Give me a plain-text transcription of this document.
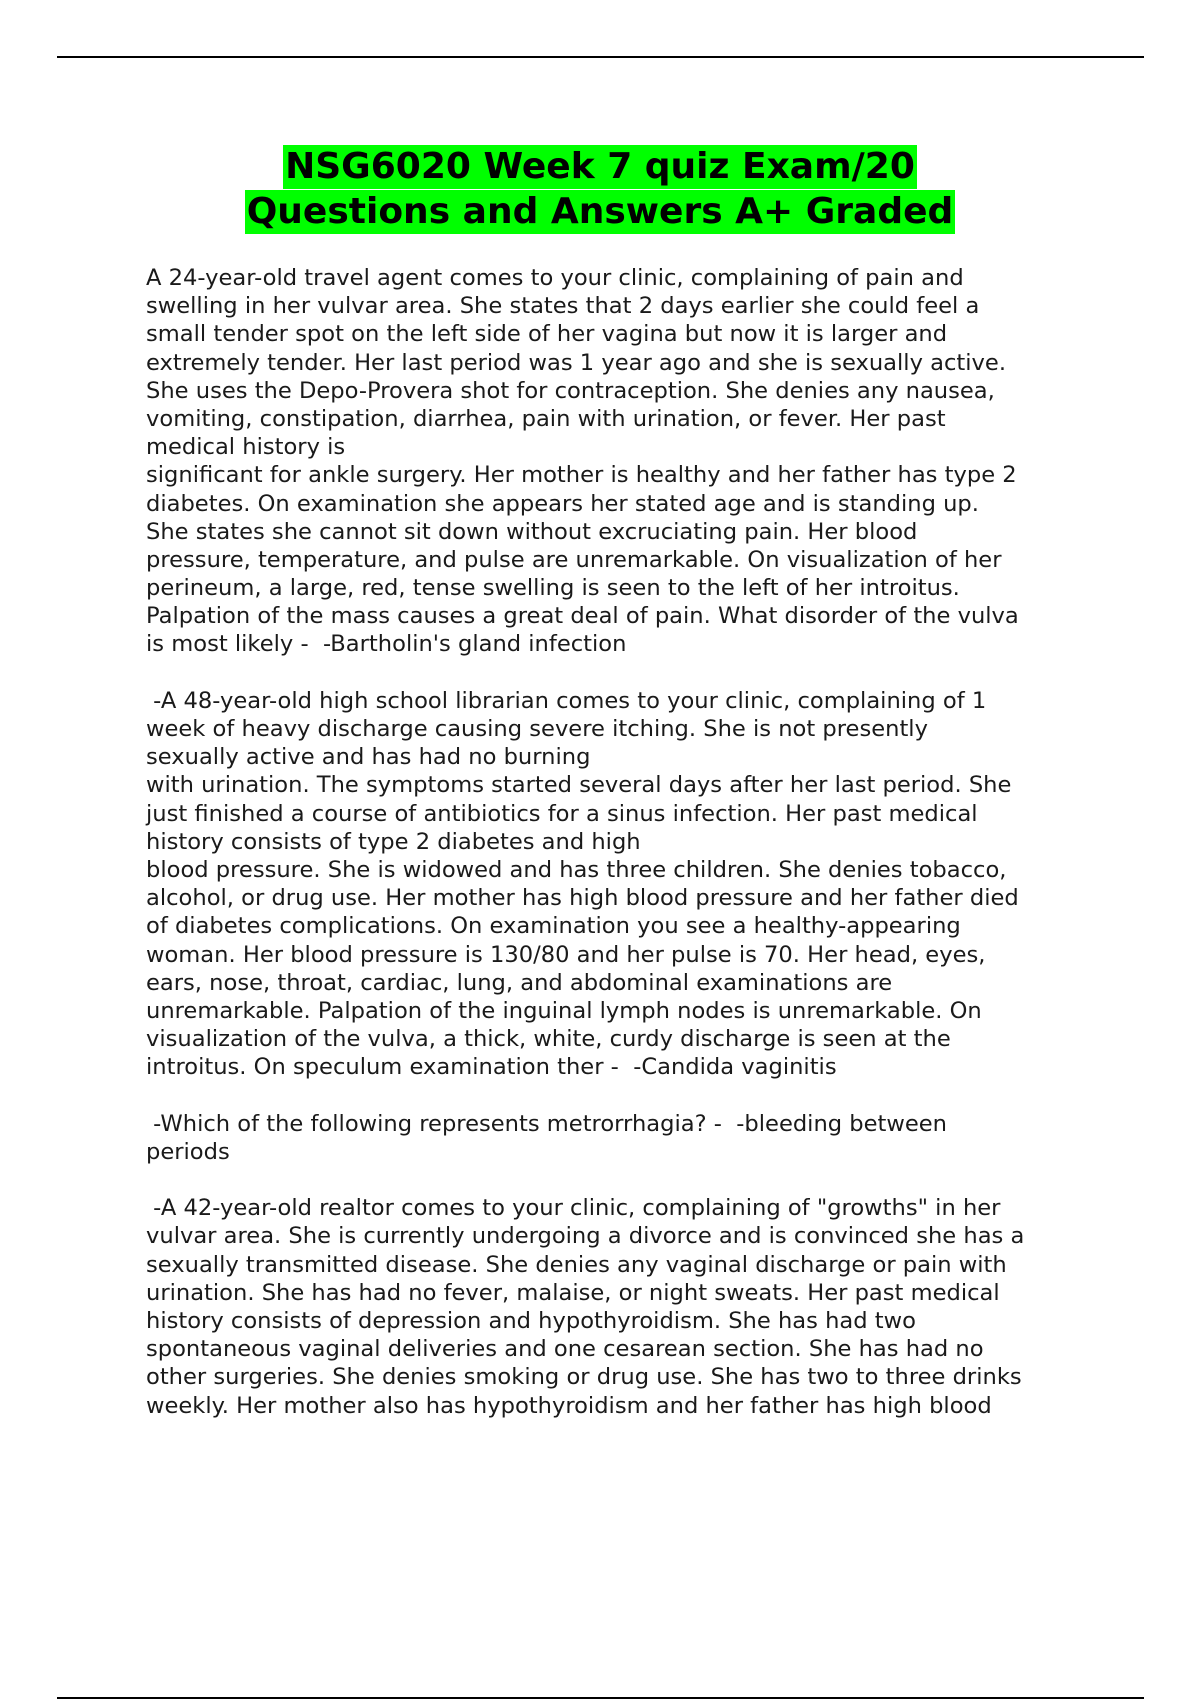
NSG6020 Week 7 quiz Exam/20
Questions and Answers A+ Graded
A 24-year-old travel agent comes to your clinic, complaining of pain and
swelling in her vulvar area. She states that 2 days earlier she could feel a
small tender spot on the left side of her vagina but now it is larger and
extremely tender. Her last period was 1 year ago and she is sexually active.
She uses the Depo-Provera shot for contraception. She denies any nausea,
vomiting, constipation, diarrhea, pain with urination, or fever. Her past
medical history is
significant for ankle surgery. Her mother is healthy and her father has type 2
diabetes. On examination she appears her stated age and is standing up.
She states she cannot sit down without excruciating pain. Her blood
pressure, temperature, and pulse are unremarkable. On visualization of her
perineum, a large, red, tense swelling is seen to the left of her introitus.
Palpation of the mass causes a great deal of pain. What disorder of the vulva
is most likely -  -Bartholin's gland infection
-A 48-year-old high school librarian comes to your clinic, complaining of 1
week of heavy discharge causing severe itching. She is not presently
sexually active and has had no burning
with urination. The symptoms started several days after her last period. She
just finished a course of antibiotics for a sinus infection. Her past medical
history consists of type 2 diabetes and high
blood pressure. She is widowed and has three children. She denies tobacco,
alcohol, or drug use. Her mother has high blood pressure and her father died
of diabetes complications. On examination you see a healthy-appearing
woman. Her blood pressure is 130/80 and her pulse is 70. Her head, eyes,
ears, nose, throat, cardiac, lung, and abdominal examinations are
unremarkable. Palpation of the inguinal lymph nodes is unremarkable. On
visualization of the vulva, a thick, white, curdy discharge is seen at the
introitus. On speculum examination ther -  -Candida vaginitis
-Which of the following represents metrorrhagia? -  -bleeding between
periods
-A 42-year-old realtor comes to your clinic, complaining of "growths" in her
vulvar area. She is currently undergoing a divorce and is convinced she has a
sexually transmitted disease. She denies any vaginal discharge or pain with
urination. She has had no fever, malaise, or night sweats. Her past medical
history consists of depression and hypothyroidism. She has had two
spontaneous vaginal deliveries and one cesarean section. She has had no
other surgeries. She denies smoking or drug use. She has two to three drinks
weekly. Her mother also has hypothyroidism and her father has high blood
